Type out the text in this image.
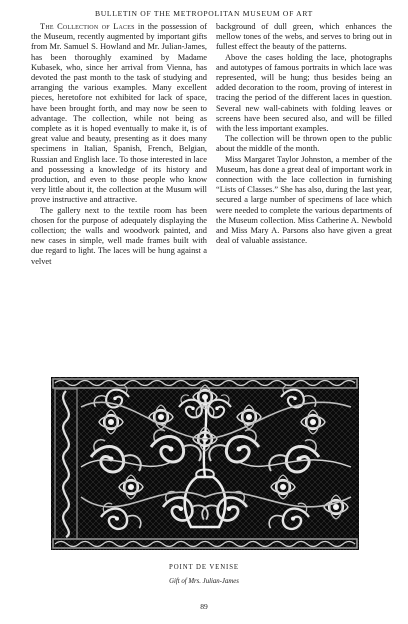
BULLETIN OF THE METROPOLITAN MUSEUM OF ART

The Collection of Laces in the possession of the Museum, recently augmented by important gifts from Mr. Samuel S. Howland and Mr. Julian-James, has been thoroughly examined by Madame Kubasek, who, since her arrival from Vienna, has devoted the past month to the task of studying and arranging the various examples. Many excellent pieces, heretofore not exhibited for lack of space, have been brought forth, and may now be seen to advantage. The collection, while not being as complete as it is hoped eventually to make it, is of great value and beauty, presenting as it does many specimens in Italian, Spanish, French, Belgian, Russian and English lace. To those interested in lace and possessing a knowledge of its history and production, and even to those people who know very little about it, the collection at the Musum will prove instructive and attractive.

The gallery next to the textile room has been chosen for the purpose of adequately displaying the collection; the walls and woodwork painted, and new cases in simple, well made frames built with due regard to light. The laces will be hung against a velvet

background of dull green, which enhances the mellow tones of the webs, and serves to bring out in fullest effect the beauty of the patterns.

Above the cases holding the lace, photographs and autotypes of famous portraits in which lace was represented, will be hung; thus besides being an added decoration to the room, proving of interest in tracing the period of the different laces in question. Several new wall-cabinets with folding leaves or screens have been secured also, and will be filled with the less important examples.

The collection will be thrown open to the public about the middle of the month.

Miss Margaret Taylor Johnston, a member of the Museum, has done a great deal of important work in connection with the lace collection in furnishing “Lists of Classes.” She has also, during the last year, secured a large number of specimens of lace which were needed to complete the various departments of the Museum collection. Miss Catherine A. Newbold and Miss Mary A. Parsons also have given a great deal of valuable assistance.

POINT DE VENISE
Gift of Mrs. Julian-James
89
